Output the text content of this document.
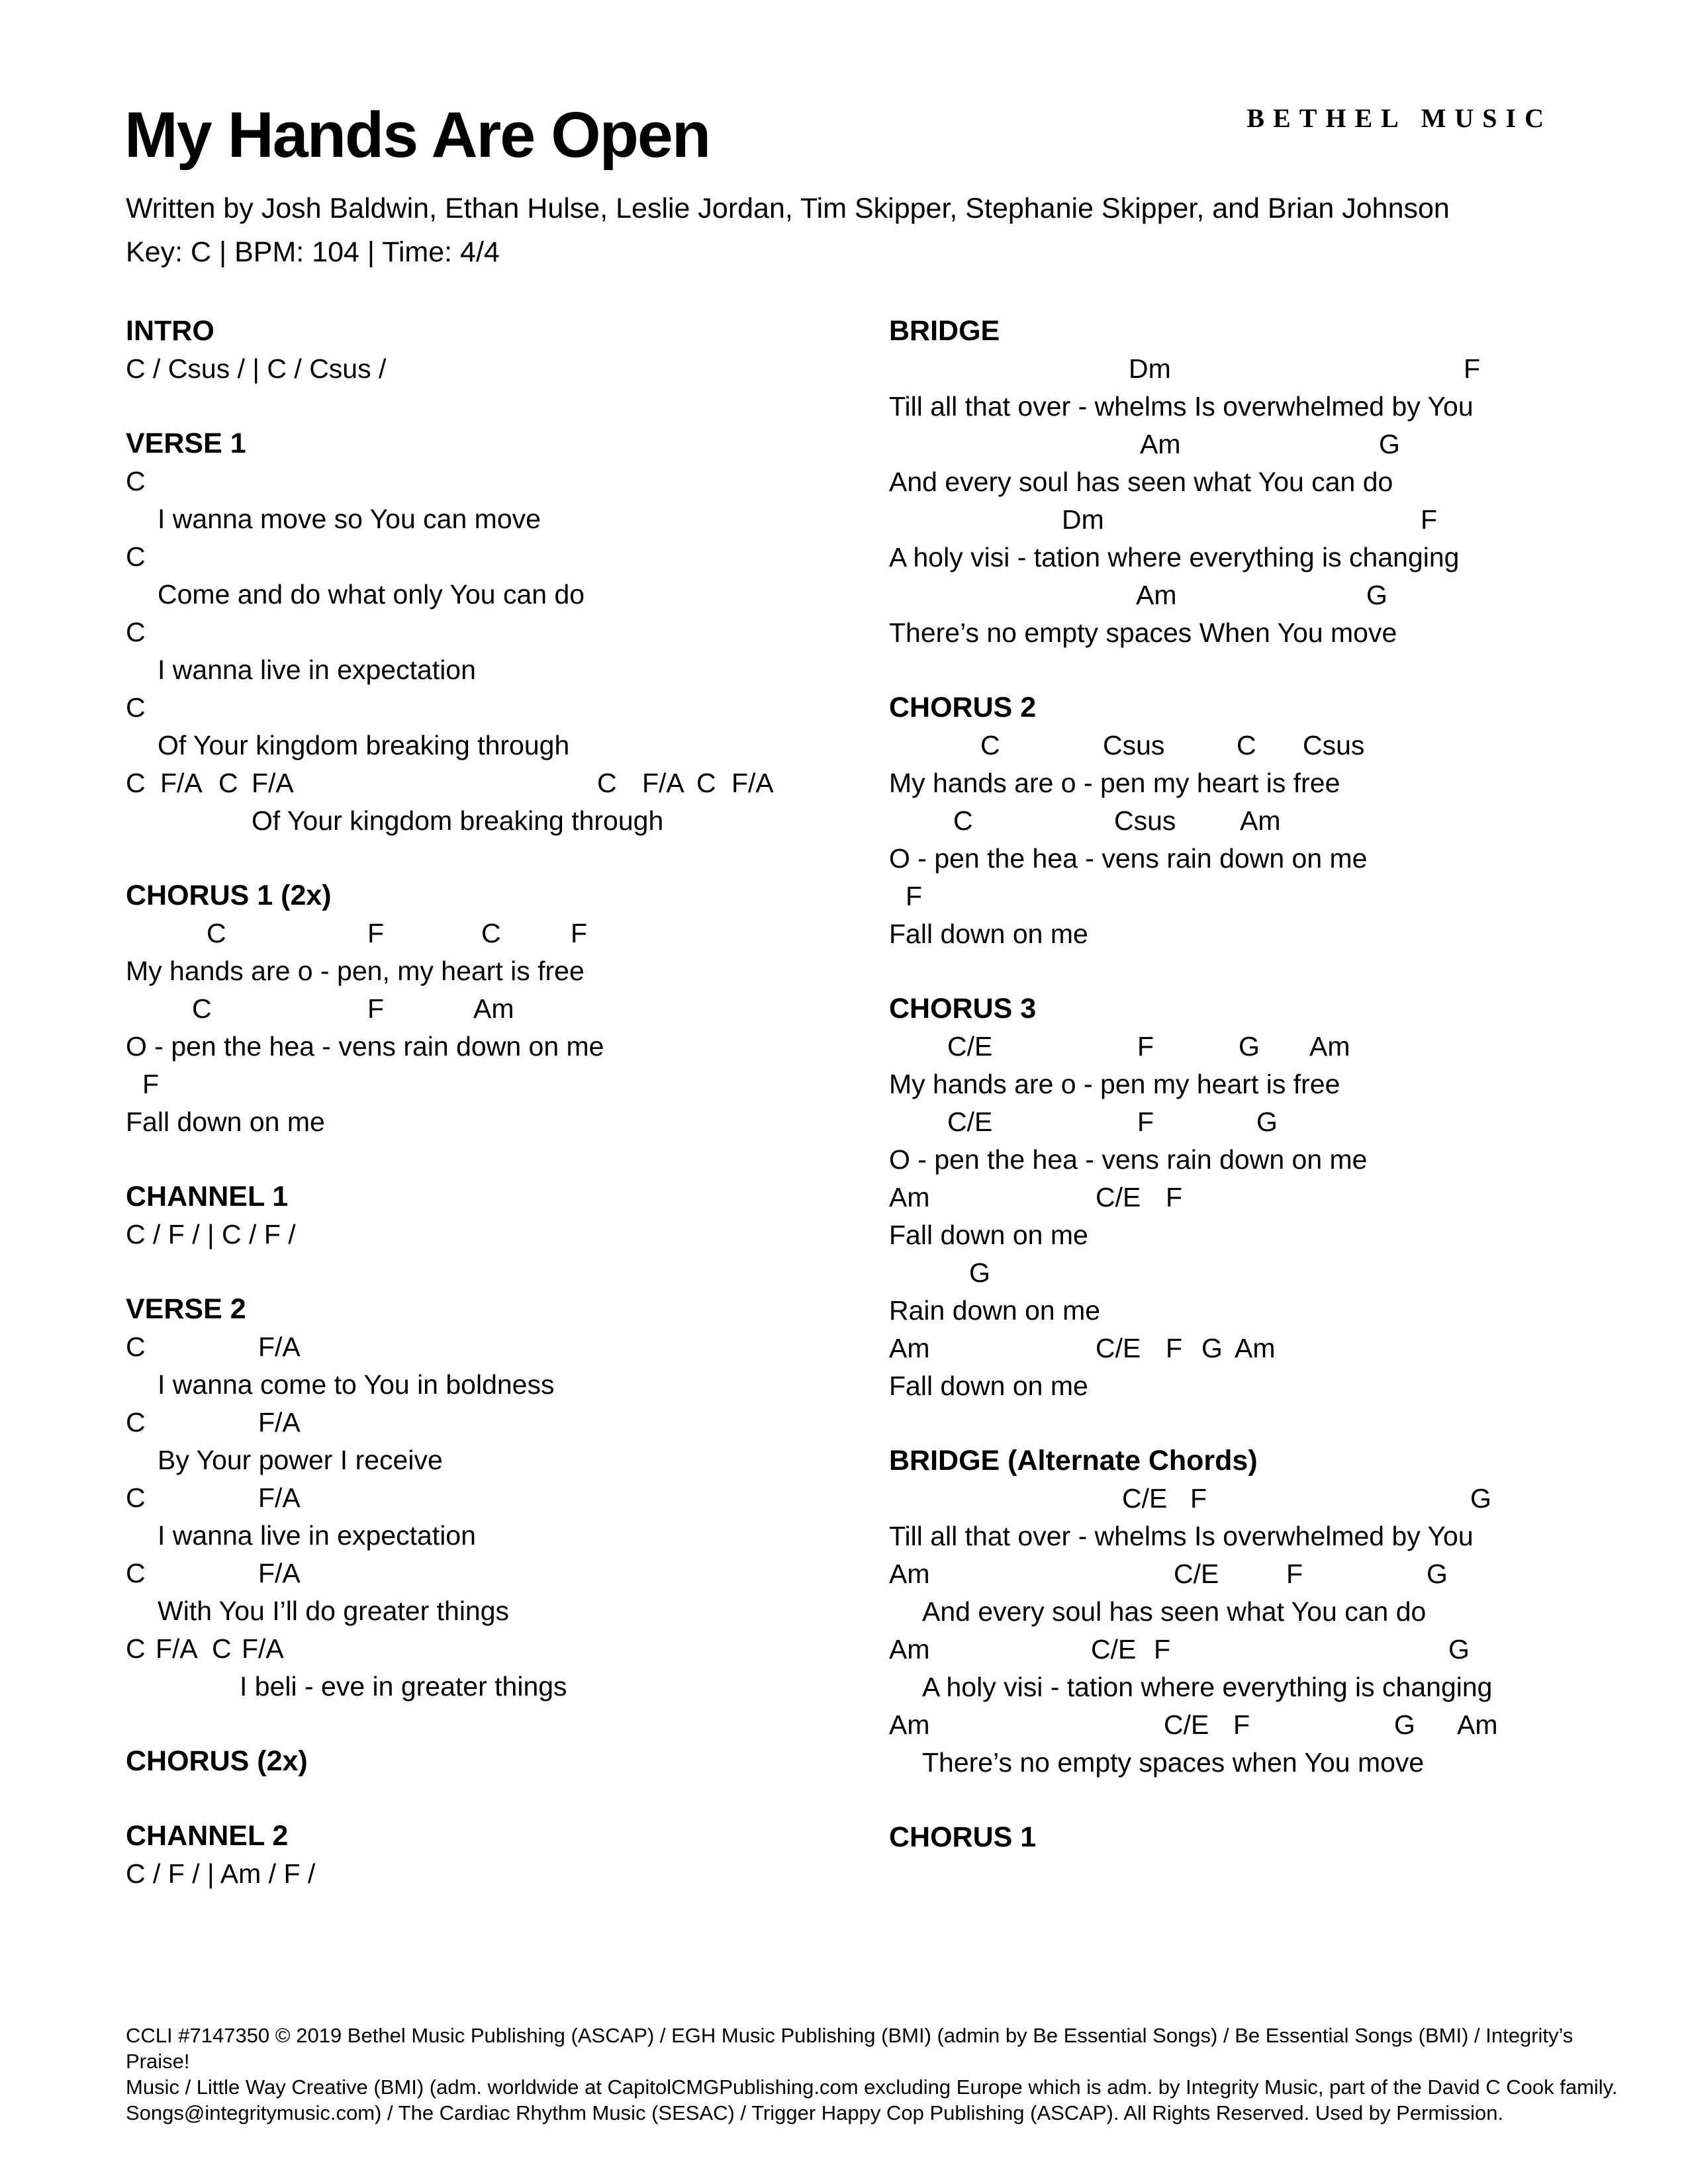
My Hands Are Open	BETHEL MUSIC
Written by Josh Baldwin, Ethan Hulse, Leslie Jordan, Tim Skipper, Stephanie Skipper, and Brian Johnson
Key: C | BPM: 104 | Time: 4/4
INTRO
C / Csus / | C / Csus /
VERSE 1
C
I wanna move so You can move
C
Come and do what only You can do
C
I wanna live in expectation
C
Of Your kingdom breaking through
C F/A C F/A	C F/A C F/A
Of Your kingdom breaking through
CHORUS 1 (2x)
C	F	C	F
My hands are o - pen, my heart is free
C	F	Am
O - pen the hea - vens rain down on me
F
Fall down on me
CHANNEL 1
C / F / | C / F /
VERSE 2
C	F/A
I wanna come to You in boldness
C	F/A
By Your power I receive
C	F/A
I wanna live in expectation
C	F/A
With You I’ll do greater things
C F/A C F/A
I beli - eve in greater things
CHORUS (2x)
CHANNEL 2
C / F / | Am / F /
BRIDGE
Dm	F
Till all that over - whelms Is overwhelmed by You
Am	G
And every soul has seen what You can do
Dm	F
A holy visi - tation where everything is changing
Am	G
There’s no empty spaces When You move
CHORUS 2
C	Csus	C Csus
My hands are o - pen my heart is free
C	Csus Am
O - pen the hea - vens rain down on me
F
Fall down on me
CHORUS 3
C/E	F	G Am
My hands are o - pen my heart is free
C/E	F	G
O - pen the hea - vens rain down on me
Am	C/E F
Fall down on me
G
Rain down on me
Am	C/E F G Am
Fall down on me
BRIDGE (Alternate Chords)
C/E F	G
Till all that over - whelms Is overwhelmed by You
Am	C/E F	G
And every soul has seen what You can do
Am	C/E F	G
A holy visi - tation where everything is changing
Am	C/E F	G Am
There’s no empty spaces when You move
CHORUS 1
CCLI #7147350 © 2019 Bethel Music Publishing (ASCAP) / EGH Music Publishing (BMI) (admin by Be Essential Songs) / Be Essential Songs (BMI) / Integrity’s Praise!
Music / Little Way Creative (BMI) (adm. worldwide at CapitolCMGPublishing.com excluding Europe which is adm. by Integrity Music, part of the David C Cook family.
Songs@integritymusic.com) / The Cardiac Rhythm Music (SESAC) / Trigger Happy Cop Publishing (ASCAP). All Rights Reserved. Used by Permission.
